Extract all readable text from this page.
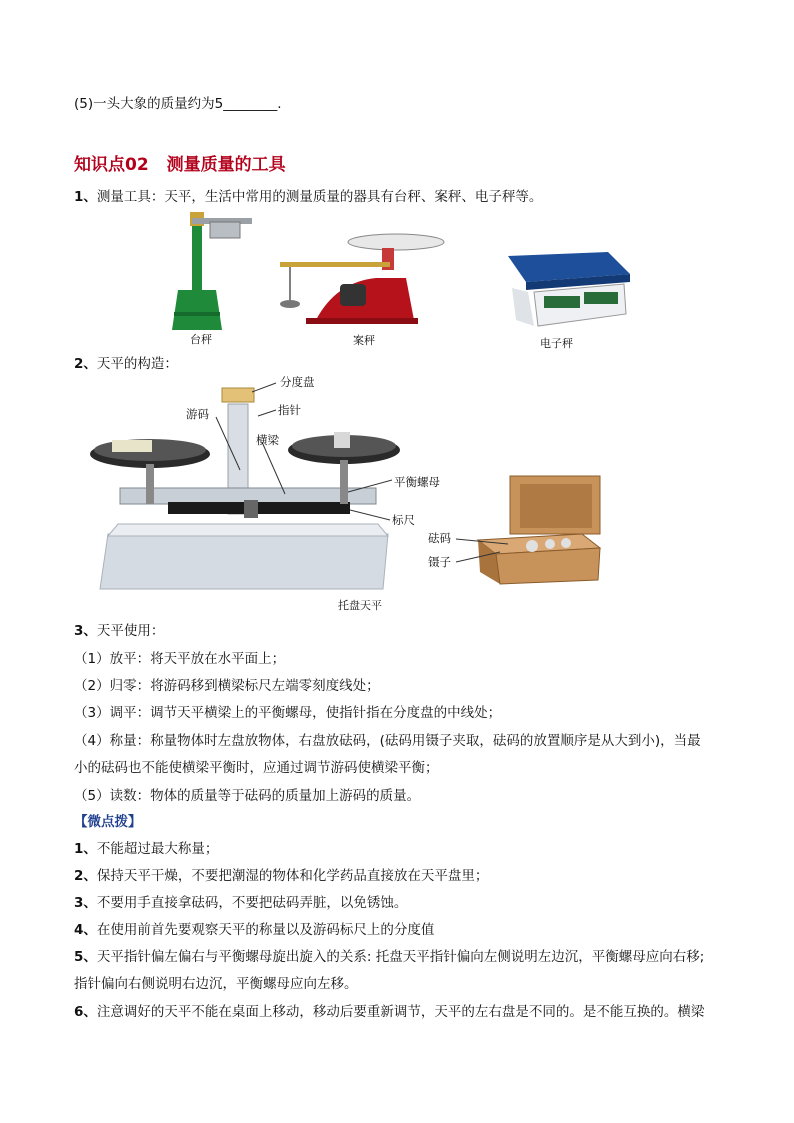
(5)一头大象的质量约为5________.
知识点02 测量质量的工具
1、测量工具：天平，生活中常用的测量质量的器具有台秤、案秤、电子秤等。
台秤	案秤	电子秤
2、天平的构造：
分度盘
游码	指针
横梁
平衡螺母
标尺
砝码
镊子
托盘天平
3、天平使用：
（1）放平：将天平放在水平面上；
（2）归零：将游码移到横梁标尺左端零刻度线处；
（3）调平：调节天平横梁上的平衡螺母，使指针指在分度盘的中线处；
（4）称量：称量物体时左盘放物体，右盘放砝码，(砝码用镊子夹取，砝码的放置顺序是从大到小)，当最
小的砝码也不能使横梁平衡时，应通过调节游码使横梁平衡；
（5）读数：物体的质量等于砝码的质量加上游码的质量。
【微点拨】
1、不能超过最大称量；
2、保持天平干燥，不要把潮湿的物体和化学药品直接放在天平盘里；
3、不要用手直接拿砝码，不要把砝码弄脏，以免锈蚀。
4、在使用前首先要观察天平的称量以及游码标尺上的分度值
5、天平指针偏左偏右与平衡螺母旋出旋入的关系: 托盘天平指针偏向左侧说明左边沉，平衡螺母应向右移;
指针偏向右侧说明右边沉，平衡螺母应向左移。
6、注意调好的天平不能在桌面上移动，移动后要重新调节，天平的左右盘是不同的。是不能互换的。横梁
